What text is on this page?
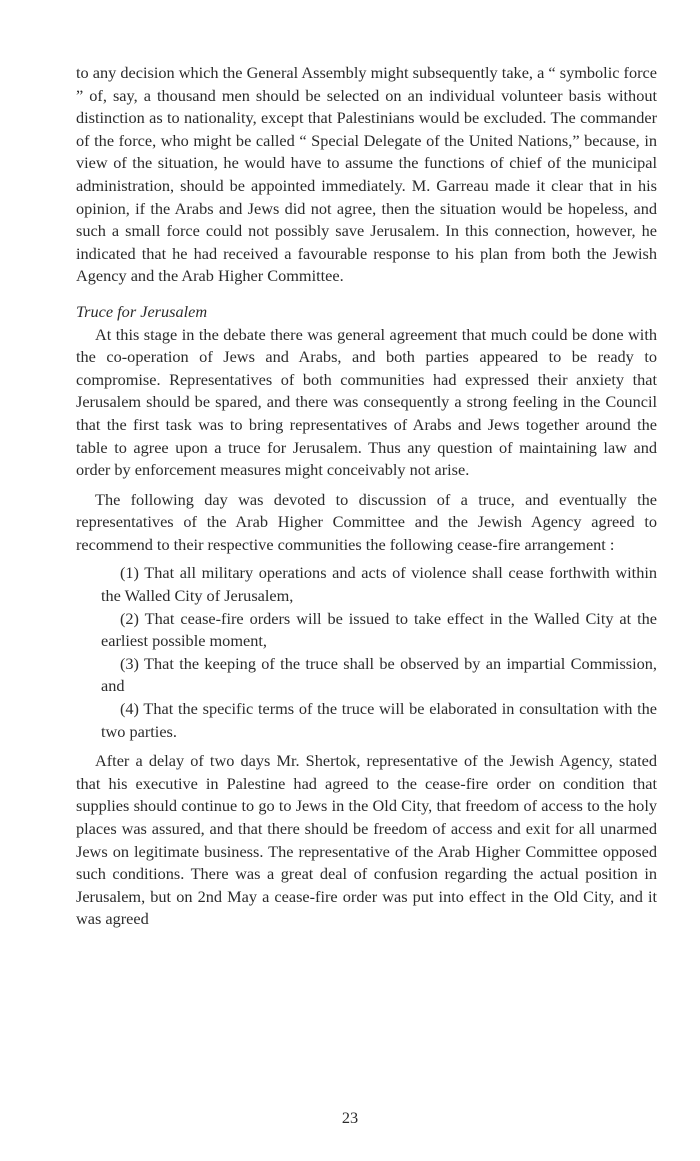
to any decision which the General Assembly might subsequently take, a “ symbolic force ” of, say, a thousand men should be selected on an individual volunteer basis without distinction as to nationality, except that Palestinians would be excluded. The commander of the force, who might be called “ Special Delegate of the United Nations,” because, in view of the situation, he would have to assume the functions of chief of the municipal administration, should be appointed immediately. M. Garreau made it clear that in his opinion, if the Arabs and Jews did not agree, then the situation would be hopeless, and such a small force could not possibly save Jerusalem. In this connection, however, he indicated that he had received a favourable response to his plan from both the Jewish Agency and the Arab Higher Committee.

Truce for Jerusalem

At this stage in the debate there was general agreement that much could be done with the co-operation of Jews and Arabs, and both parties appeared to be ready to compromise. Representatives of both communities had expressed their anxiety that Jerusalem should be spared, and there was consequently a strong feeling in the Council that the first task was to bring representatives of Arabs and Jews together around the table to agree upon a truce for Jerusalem. Thus any question of maintaining law and order by enforcement measures might conceivably not arise.

The following day was devoted to discussion of a truce, and eventually the representatives of the Arab Higher Committee and the Jewish Agency agreed to recommend to their respective communities the following cease-fire arrangement :

(1) That all military operations and acts of violence shall cease forthwith within the Walled City of Jerusalem,
(2) That cease-fire orders will be issued to take effect in the Walled City at the earliest possible moment,
(3) That the keeping of the truce shall be observed by an impartial Commission, and
(4) That the specific terms of the truce will be elaborated in consultation with the two parties.

After a delay of two days Mr. Shertok, representative of the Jewish Agency, stated that his executive in Palestine had agreed to the cease-fire order on condition that supplies should continue to go to Jews in the Old City, that freedom of access to the holy places was assured, and that there should be freedom of access and exit for all unarmed Jews on legitimate business. The representative of the Arab Higher Committee opposed such conditions. There was a great deal of confusion regarding the actual position in Jerusalem, but on 2nd May a cease-fire order was put into effect in the Old City, and it was agreed

23
